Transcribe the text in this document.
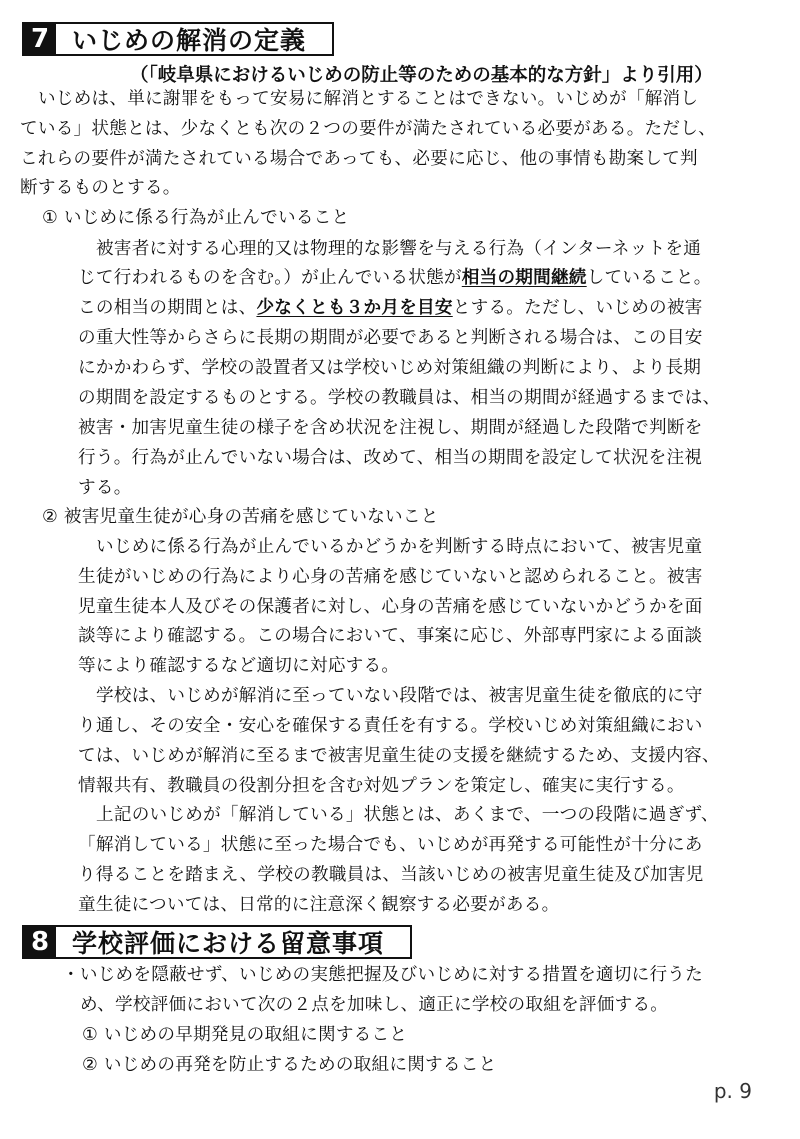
7 いじめの解消の定義
（「岐阜県におけるいじめの防止等のための基本的な方針」より引用）
いじめは、単に謝罪をもって安易に解消とすることはできない。いじめが「解消し
ている」状態とは、少なくとも次の２つの要件が満たされている必要がある。ただし、
これらの要件が満たされている場合であっても、必要に応じ、他の事情も勘案して判
断するものとする。
① いじめに係る行為が止んでいること
被害者に対する心理的又は物理的な影響を与える行為（インターネットを通
じて行われるものを含む。）が止んでいる状態が相当の期間継続していること。
この相当の期間とは、少なくとも３か月を目安とする。ただし、いじめの被害
の重大性等からさらに長期の期間が必要であると判断される場合は、この目安
にかかわらず、学校の設置者又は学校いじめ対策組織の判断により、より長期
の期間を設定するものとする。学校の教職員は、相当の期間が経過するまでは、
被害・加害児童生徒の様子を含め状況を注視し、期間が経過した段階で判断を
行う。行為が止んでいない場合は、改めて、相当の期間を設定して状況を注視
する。
② 被害児童生徒が心身の苦痛を感じていないこと
いじめに係る行為が止んでいるかどうかを判断する時点において、被害児童
生徒がいじめの行為により心身の苦痛を感じていないと認められること。被害
児童生徒本人及びその保護者に対し、心身の苦痛を感じていないかどうかを面
談等により確認する。この場合において、事案に応じ、外部専門家による面談
等により確認するなど適切に対応する。
学校は、いじめが解消に至っていない段階では、被害児童生徒を徹底的に守
り通し、その安全・安心を確保する責任を有する。学校いじめ対策組織におい
ては、いじめが解消に至るまで被害児童生徒の支援を継続するため、支援内容、
情報共有、教職員の役割分担を含む対処プランを策定し、確実に実行する。
上記のいじめが「解消している」状態とは、あくまで、一つの段階に過ぎず、
「解消している」状態に至った場合でも、いじめが再発する可能性が十分にあ
り得ることを踏まえ、学校の教職員は、当該いじめの被害児童生徒及び加害児
童生徒については、日常的に注意深く観察する必要がある。
8 学校評価における留意事項
・いじめを隠蔽せず、いじめの実態把握及びいじめに対する措置を適切に行うた
め、学校評価において次の２点を加味し、適正に学校の取組を評価する。
① いじめの早期発見の取組に関すること
② いじめの再発を防止するための取組に関すること
p. 9
